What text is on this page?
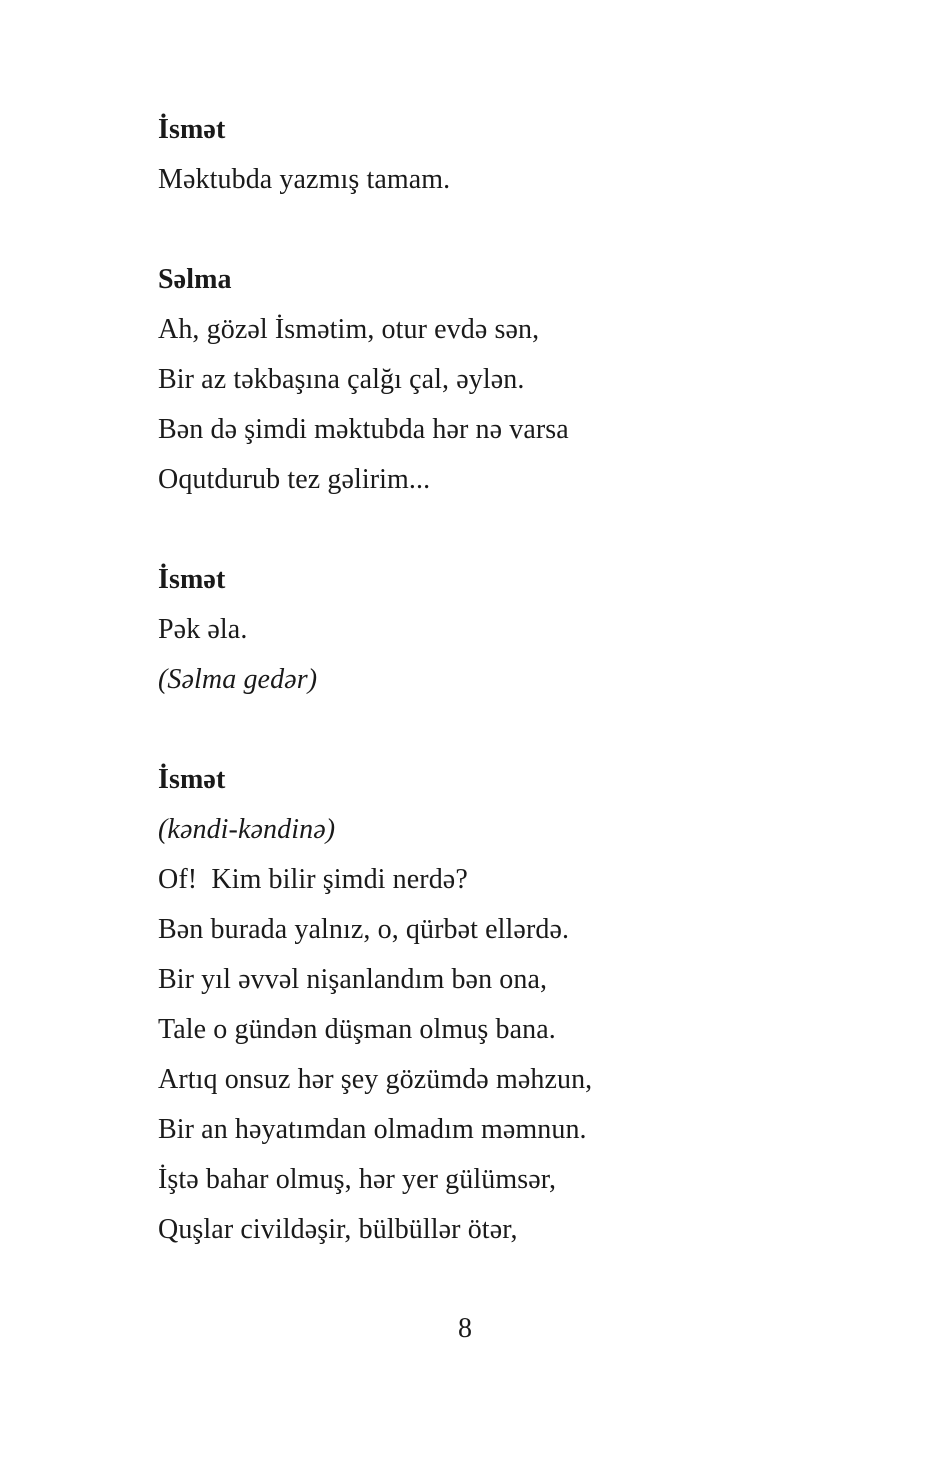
İsmət
Məktubda yazmış tamam.
Səlma
Ah, gözəl İsmətim, otur evdə sən,
Bir az təkbaşına çalğı çal, əylən.
Bən də şimdi məktubda hər nə varsa
Oqutdurub tez gəlirim...
İsmət
Pək əla.
(Səlma gedər)
İsmət
(kəndi-kəndinə)
Of!  Kim bilir şimdi nerdə?
Bən burada yalnız, o, qürbət ellərdə.
Bir yıl əvvəl nişanlandım bən ona,
Tale o gündən düşman olmuş bana.
Artıq onsuz hər şey gözümdə məhzun,
Bir an həyatımdan olmadım məmnun.
İştə bahar olmuş, hər yer gülümsər,
Quşlar civildəşir, bülbüllər ötər,
8
